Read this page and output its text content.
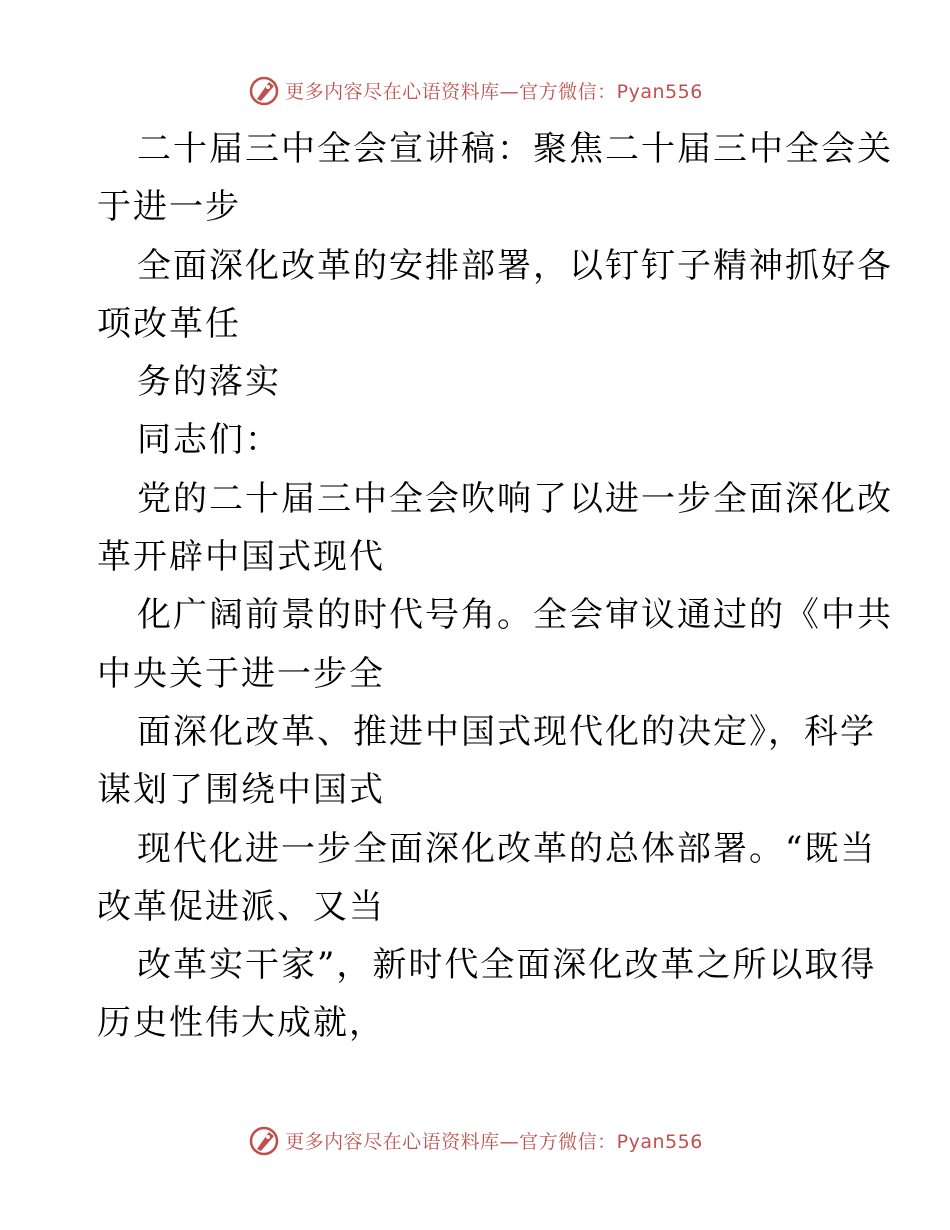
更多内容尽在心语资料库—官方微信：Pyan556
二十届三中全会宣讲稿：聚焦二十届三中全会关
于进一步
全面深化改革的安排部署，以钉钉子精神抓好各
项改革任
务的落实
同志们：
党的二十届三中全会吹响了以进一步全面深化改
革开辟中国式现代
化广阔前景的时代号角。全会审议通过的《中共
中央关于进一步全
面深化改革、推进中国式现代化的决定》，科学
谋划了围绕中国式
现代化进一步全面深化改革的总体部署。“既当
改革促进派、又当
改革实干家”，新时代全面深化改革之所以取得
历史性伟大成就，
更多内容尽在心语资料库—官方微信：Pyan556
